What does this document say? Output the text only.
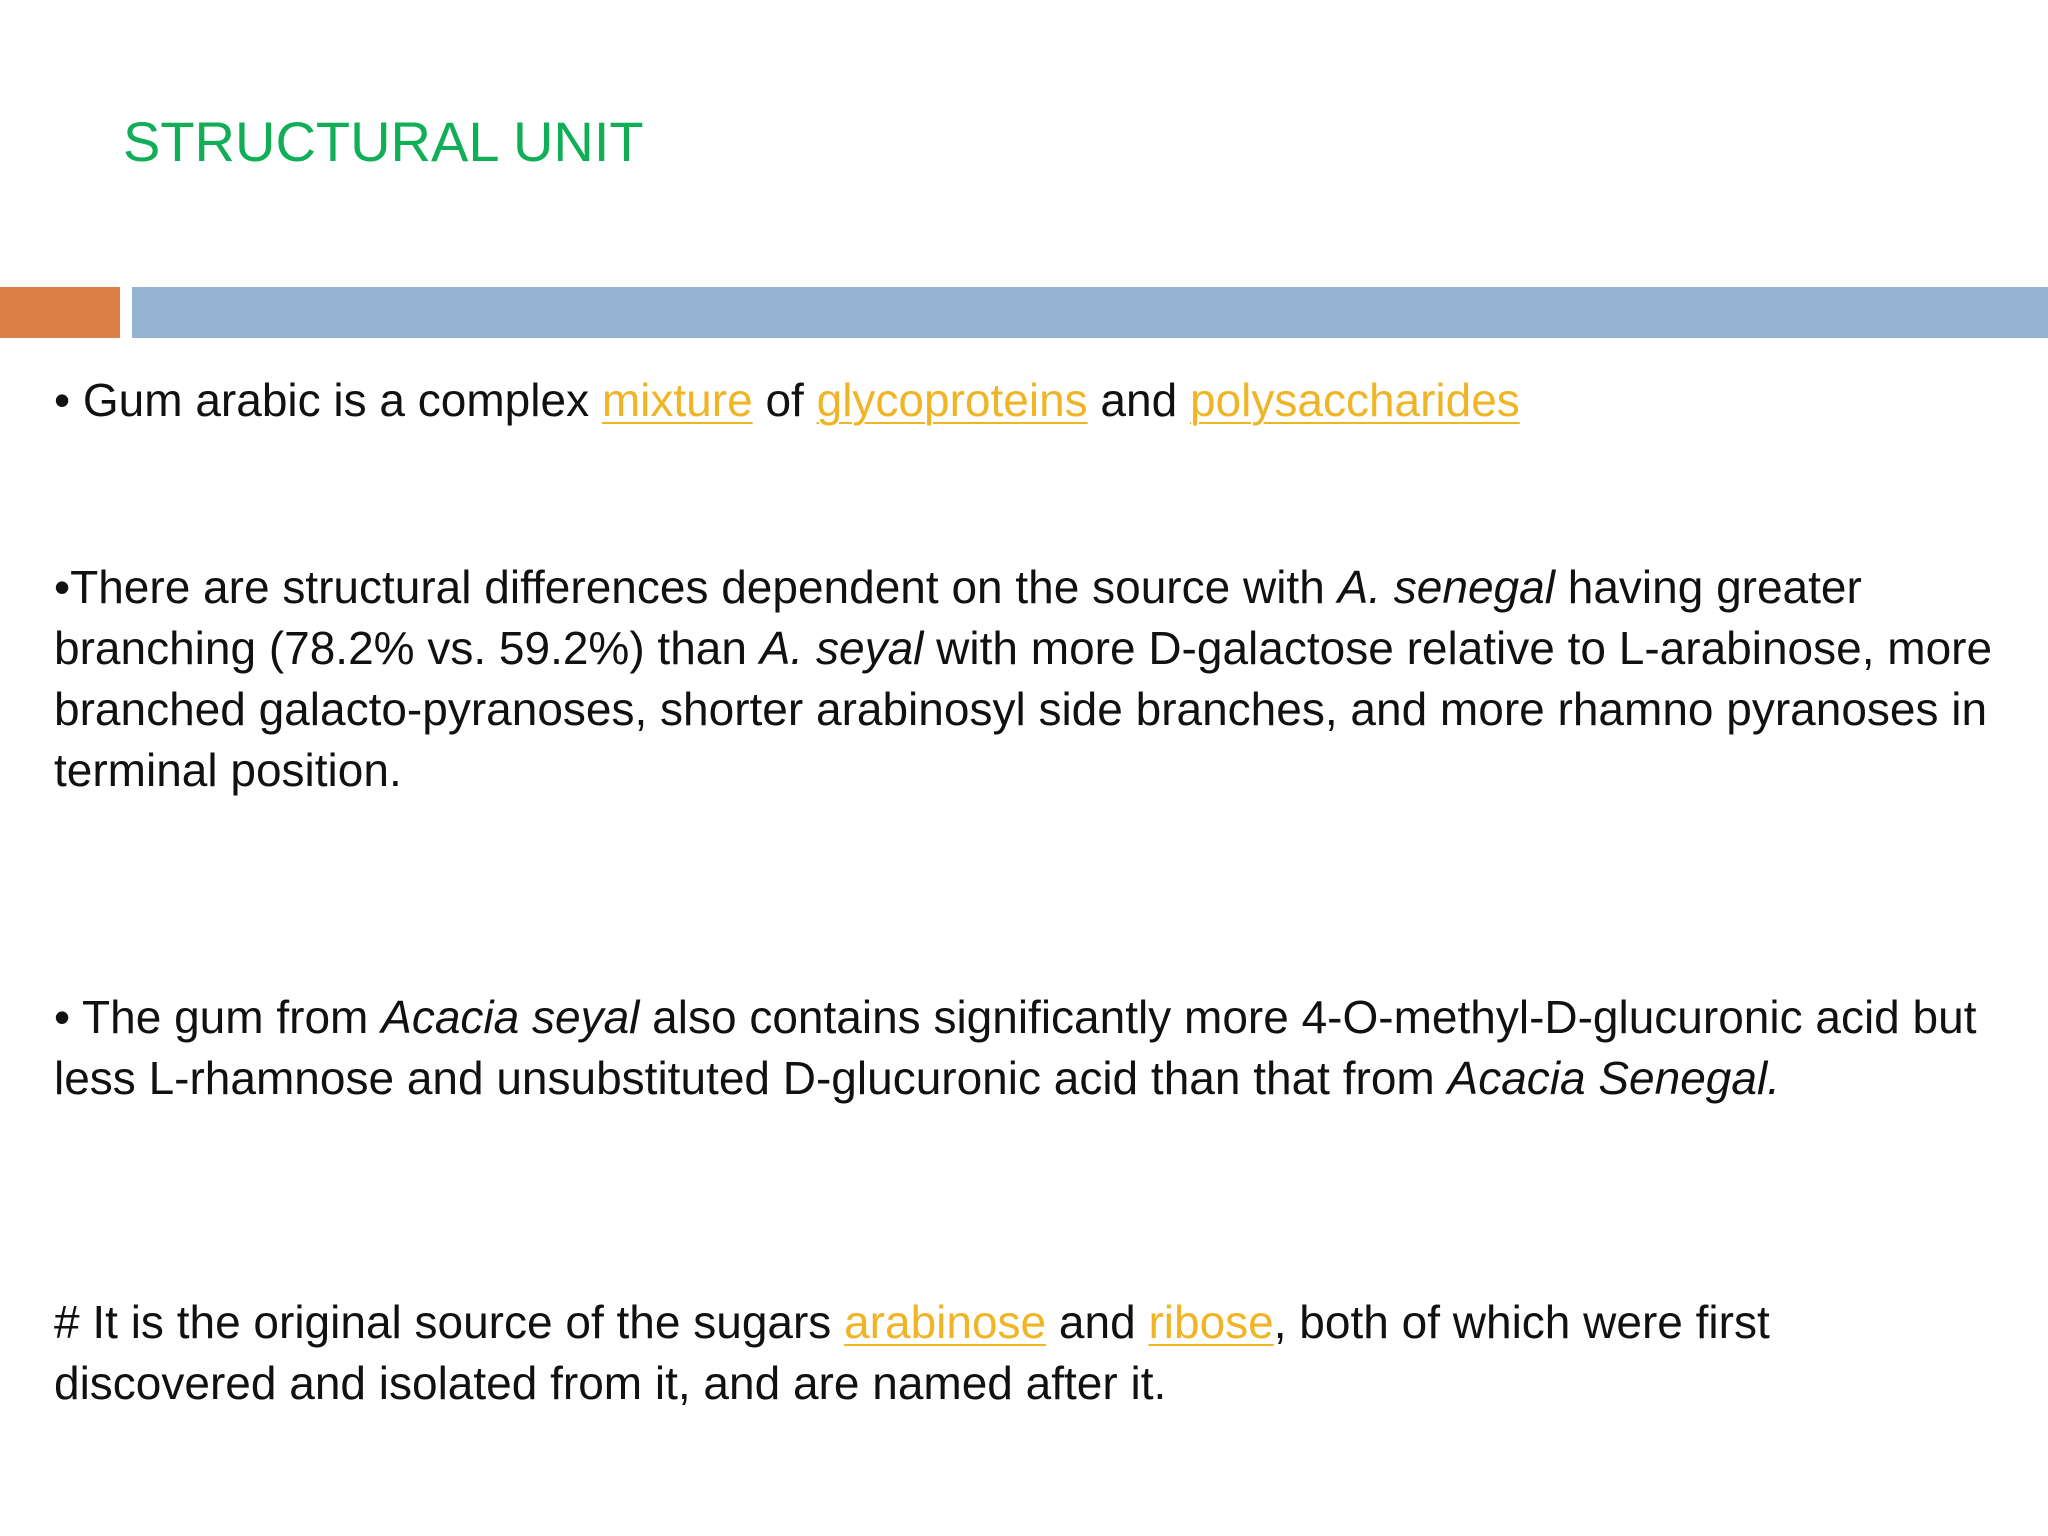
STRUCTURAL UNIT
• Gum arabic is a complex mixture of glycoproteins and polysaccharides
•There are structural differences dependent on the source with A. senegal having greater branching (78.2% vs. 59.2%) than A. seyal with more D-galactose relative to L-arabinose, more branched galacto-pyranoses, shorter arabinosyl side branches, and more rhamno pyranoses in terminal position.
• The gum from Acacia seyal also contains significantly more 4-O-methyl-D-glucuronic acid but less L-rhamnose and unsubstituted D-glucuronic acid than that from Acacia Senegal.
# It is the original source of the sugars arabinose and ribose, both of which were first discovered and isolated from it, and are named after it.
